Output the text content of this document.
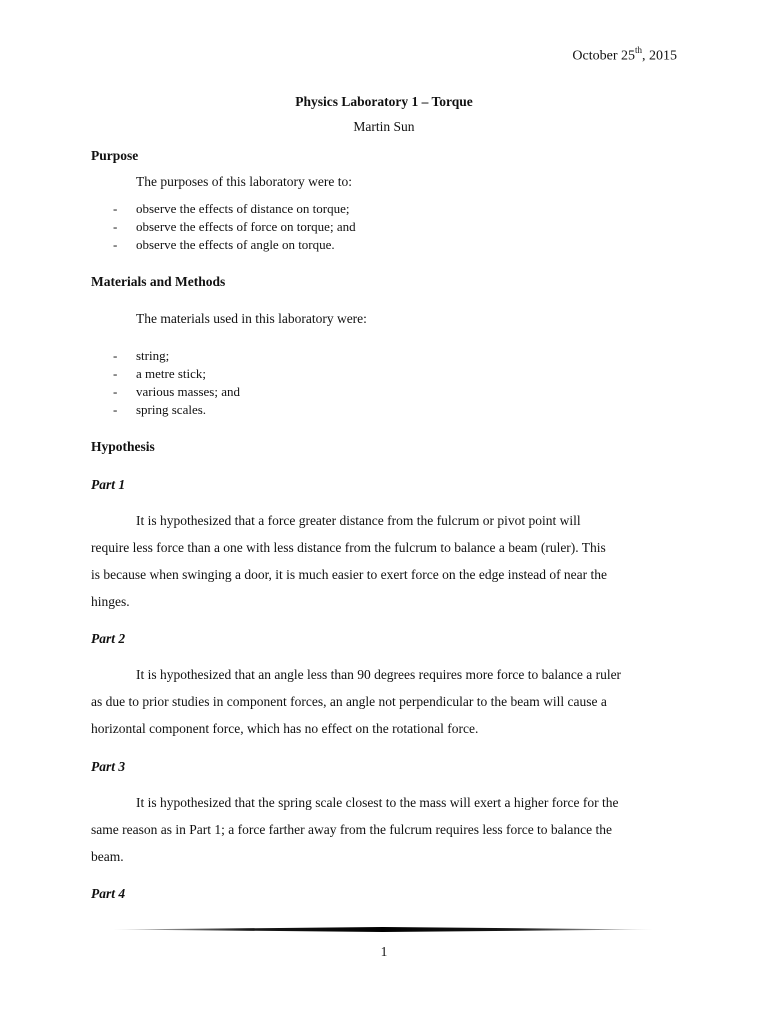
October 25th, 2015
Physics Laboratory 1 – Torque
Martin Sun
Purpose
The purposes of this laboratory were to:
- observe the effects of distance on torque;
- observe the effects of force on torque; and
- observe the effects of angle on torque.
Materials and Methods
The materials used in this laboratory were:
- string;
- a metre stick;
- various masses; and
- spring scales.
Hypothesis
Part 1
It is hypothesized that a force greater distance from the fulcrum or pivot point will
require less force than a one with less distance from the fulcrum to balance a beam (ruler). This
is because when swinging a door, it is much easier to exert force on the edge instead of near the
hinges.
Part 2
It is hypothesized that an angle less than 90 degrees requires more force to balance a ruler
as due to prior studies in component forces, an angle not perpendicular to the beam will cause a
horizontal component force, which has no effect on the rotational force.
Part 3
It is hypothesized that the spring scale closest to the mass will exert a higher force for the
same reason as in Part 1; a force farther away from the fulcrum requires less force to balance the
beam.
Part 4
1
